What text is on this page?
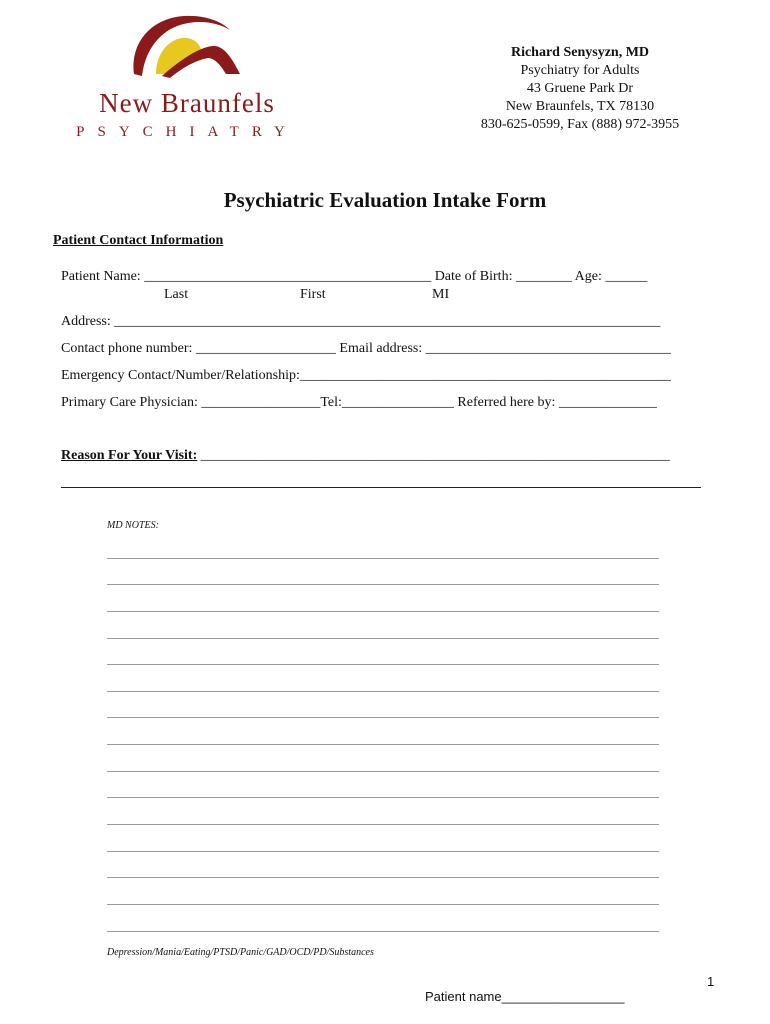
New Braunfels
PSYCHIATRY
Richard Senysyzn, MD
Psychiatry for Adults
43 Gruene Park Dr
New Braunfels, TX 78130
830-625-0599, Fax (888) 972-3955
Psychiatric Evaluation Intake Form
Patient Contact Information
Patient Name: _________________________________________ Date of Birth: ________ Age: ______
Last	First	MI
Address: ______________________________________________________________________________
Contact phone number: ____________________ Email address: ___________________________________
Emergency Contact/Number/Relationship:_____________________________________________________
Primary Care Physician: _________________Tel:________________ Referred here by: ______________
Reason For Your Visit: ___________________________________________________________________
MD NOTES:
Depression/Mania/Eating/PTSD/Panic/GAD/OCD/PD/Substances
1
Patient name_________________
